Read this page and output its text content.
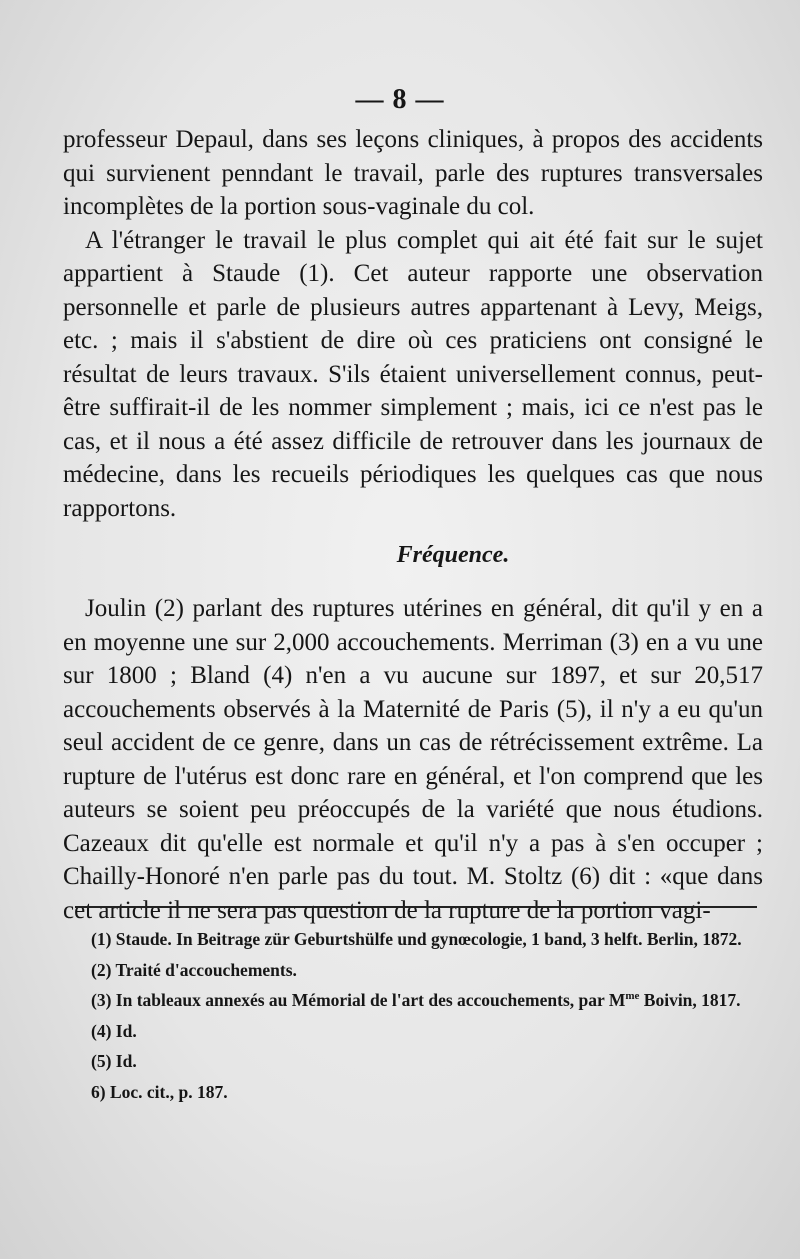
— 8 —

professeur Depaul, dans ses leçons cliniques, à propos des accidents qui survienent penndant le travail, parle des ruptures transversales incomplètes de la portion sous-vaginale du col.

A l'étranger le travail le plus complet qui ait été fait sur le sujet appartient à Staude (1). Cet auteur rapporte une observation personnelle et parle de plusieurs autres appartenant à Levy, Meigs, etc. ; mais il s'abstient de dire où ces praticiens ont consigné le résultat de leurs travaux. S'ils étaient universellement connus, peut-être suffirait-il de les nommer simplement ; mais, ici ce n'est pas le cas, et il nous a été assez difficile de retrouver dans les journaux de médecine, dans les recueils périodiques les quelques cas que nous rapportons.

Fréquence.

Joulin (2) parlant des ruptures utérines en général, dit qu'il y en a en moyenne une sur 2,000 accouchements. Merriman (3) en a vu une sur 1800 ; Bland (4) n'en a vu aucune sur 1897, et sur 20,517 accouchements observés à la Maternité de Paris (5), il n'y a eu qu'un seul accident de ce genre, dans un cas de rétrécissement extrême. La rupture de l'utérus est donc rare en général, et l'on comprend que les auteurs se soient peu préoccupés de la variété que nous étudions. Cazeaux dit qu'elle est normale et qu'il n'y a pas à s'en occuper ; Chailly-Honoré n'en parle pas du tout. M. Stoltz (6) dit : «que dans cet article il ne sera pas question de la rupture de la portion vagi-

(1) Staude. In Beitrage zür Geburtshülfe und gynœcologie, 1 band, 3 helft. Berlin, 1872.

(2) Traité d'accouchements.

(3) In tableaux annexés au Mémorial de l'art des accouchements, par $M^{me}$ Boivin, 1817.

(4) Id.

(5) Id.

6) Loc. cit., p. 187.
